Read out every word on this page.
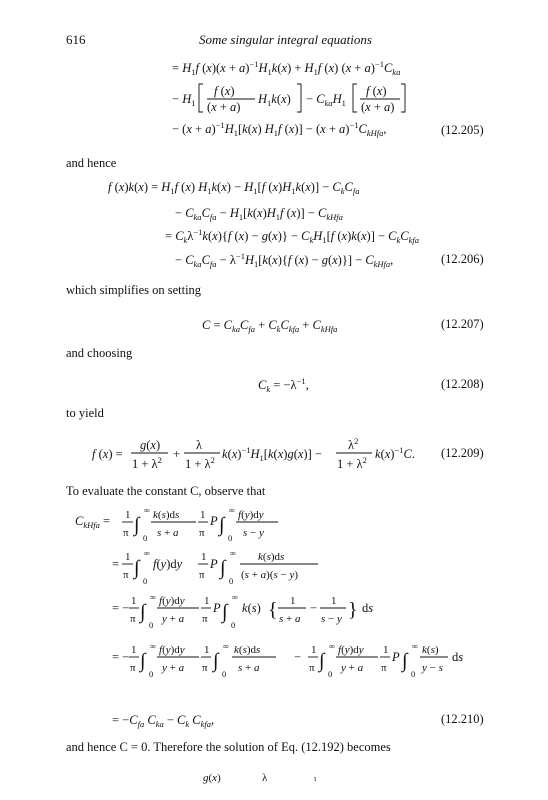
616	Some singular integral equations
and hence
which simplifies on setting
and choosing
to yield
To evaluate the constant C, observe that
and hence C = 0. Therefore the solution of Eq. (12.192) becomes
(12.205)
(12.206)
(12.207)
(12.208)
(12.209)
(12.210)
= $H_1f$ $(x)(x + a)^{-1}H_1k(x) + H_1f$ (x) $(x + a)^{-1}C_{ka}$
− $H_1$
f (x)
(x + a)
$H_1k(x) - C_{ka}H_1$
f (x)
(x + a)
− $(x + a)^{-1}H_1[k(x)$ $H_1f$ $(x)] - (x + a)^{-1}C_{kHfa}$,
f $(x)k(x) = H_1f$ (x) $H_1k(x) - H_1[f$ $(x)H_1k(x)] - C_kC_{fa}$
− $C_{ka}C_{fa} - H_1[k(x)H_1f$ $(x)] - C_{kHfa}$
= $C_k\lambda^{-1}k(x)\{f$ $(x) - g(x)\} - C_kH_1[f$ $(x)k(x)] - C_kC_{kfa}$
− $C_{ka}C_{fa} - \lambda^{-1}H_1[k(x)\{f$ $(x) - g(x)\}] - C_{kHfa}$,
$C = C_{ka}C_{fa} + C_kC_{kfa} + C_{kHfa}$
$C_k = -\lambda^{-1}$,
f (x) =
g(x)
$1 + \lambda^2$ +
λ
$1 + \lambda^2$ $k(x)^{-1}H_1[k(x)g(x)]$ −
$\lambda^2$
$1 + \lambda^2$ $k(x)^{-1}C$.
$C_{kHfa} = 1$
π ∫
∞
0
k(s)ds
s + a
1
π
P ∫
∞
0
f(y)dy
s − y
= 1
π ∫
∞
0
f(y)dy 1
π
P ∫
∞
0
k(s)ds
(s + a)(s − y)
= − 1
π ∫
∞
0
f(y)dy
y + a
1
π
P ∫
∞
0
k(s) { 1
s + a
− 1
s − y } ds
= − 1
π ∫
∞
0
f(y)dy
y + a
1
π ∫
∞
0
k(s)ds
s + a
− 1
π ∫
∞
0
f(y)dy
y + a
1
π
P ∫
∞
0
k(s)
y − s
ds
= $-C_{fa}$ $C_{ka} - C_k$ $C_{kfa}$,
g(x)	λ	ι
